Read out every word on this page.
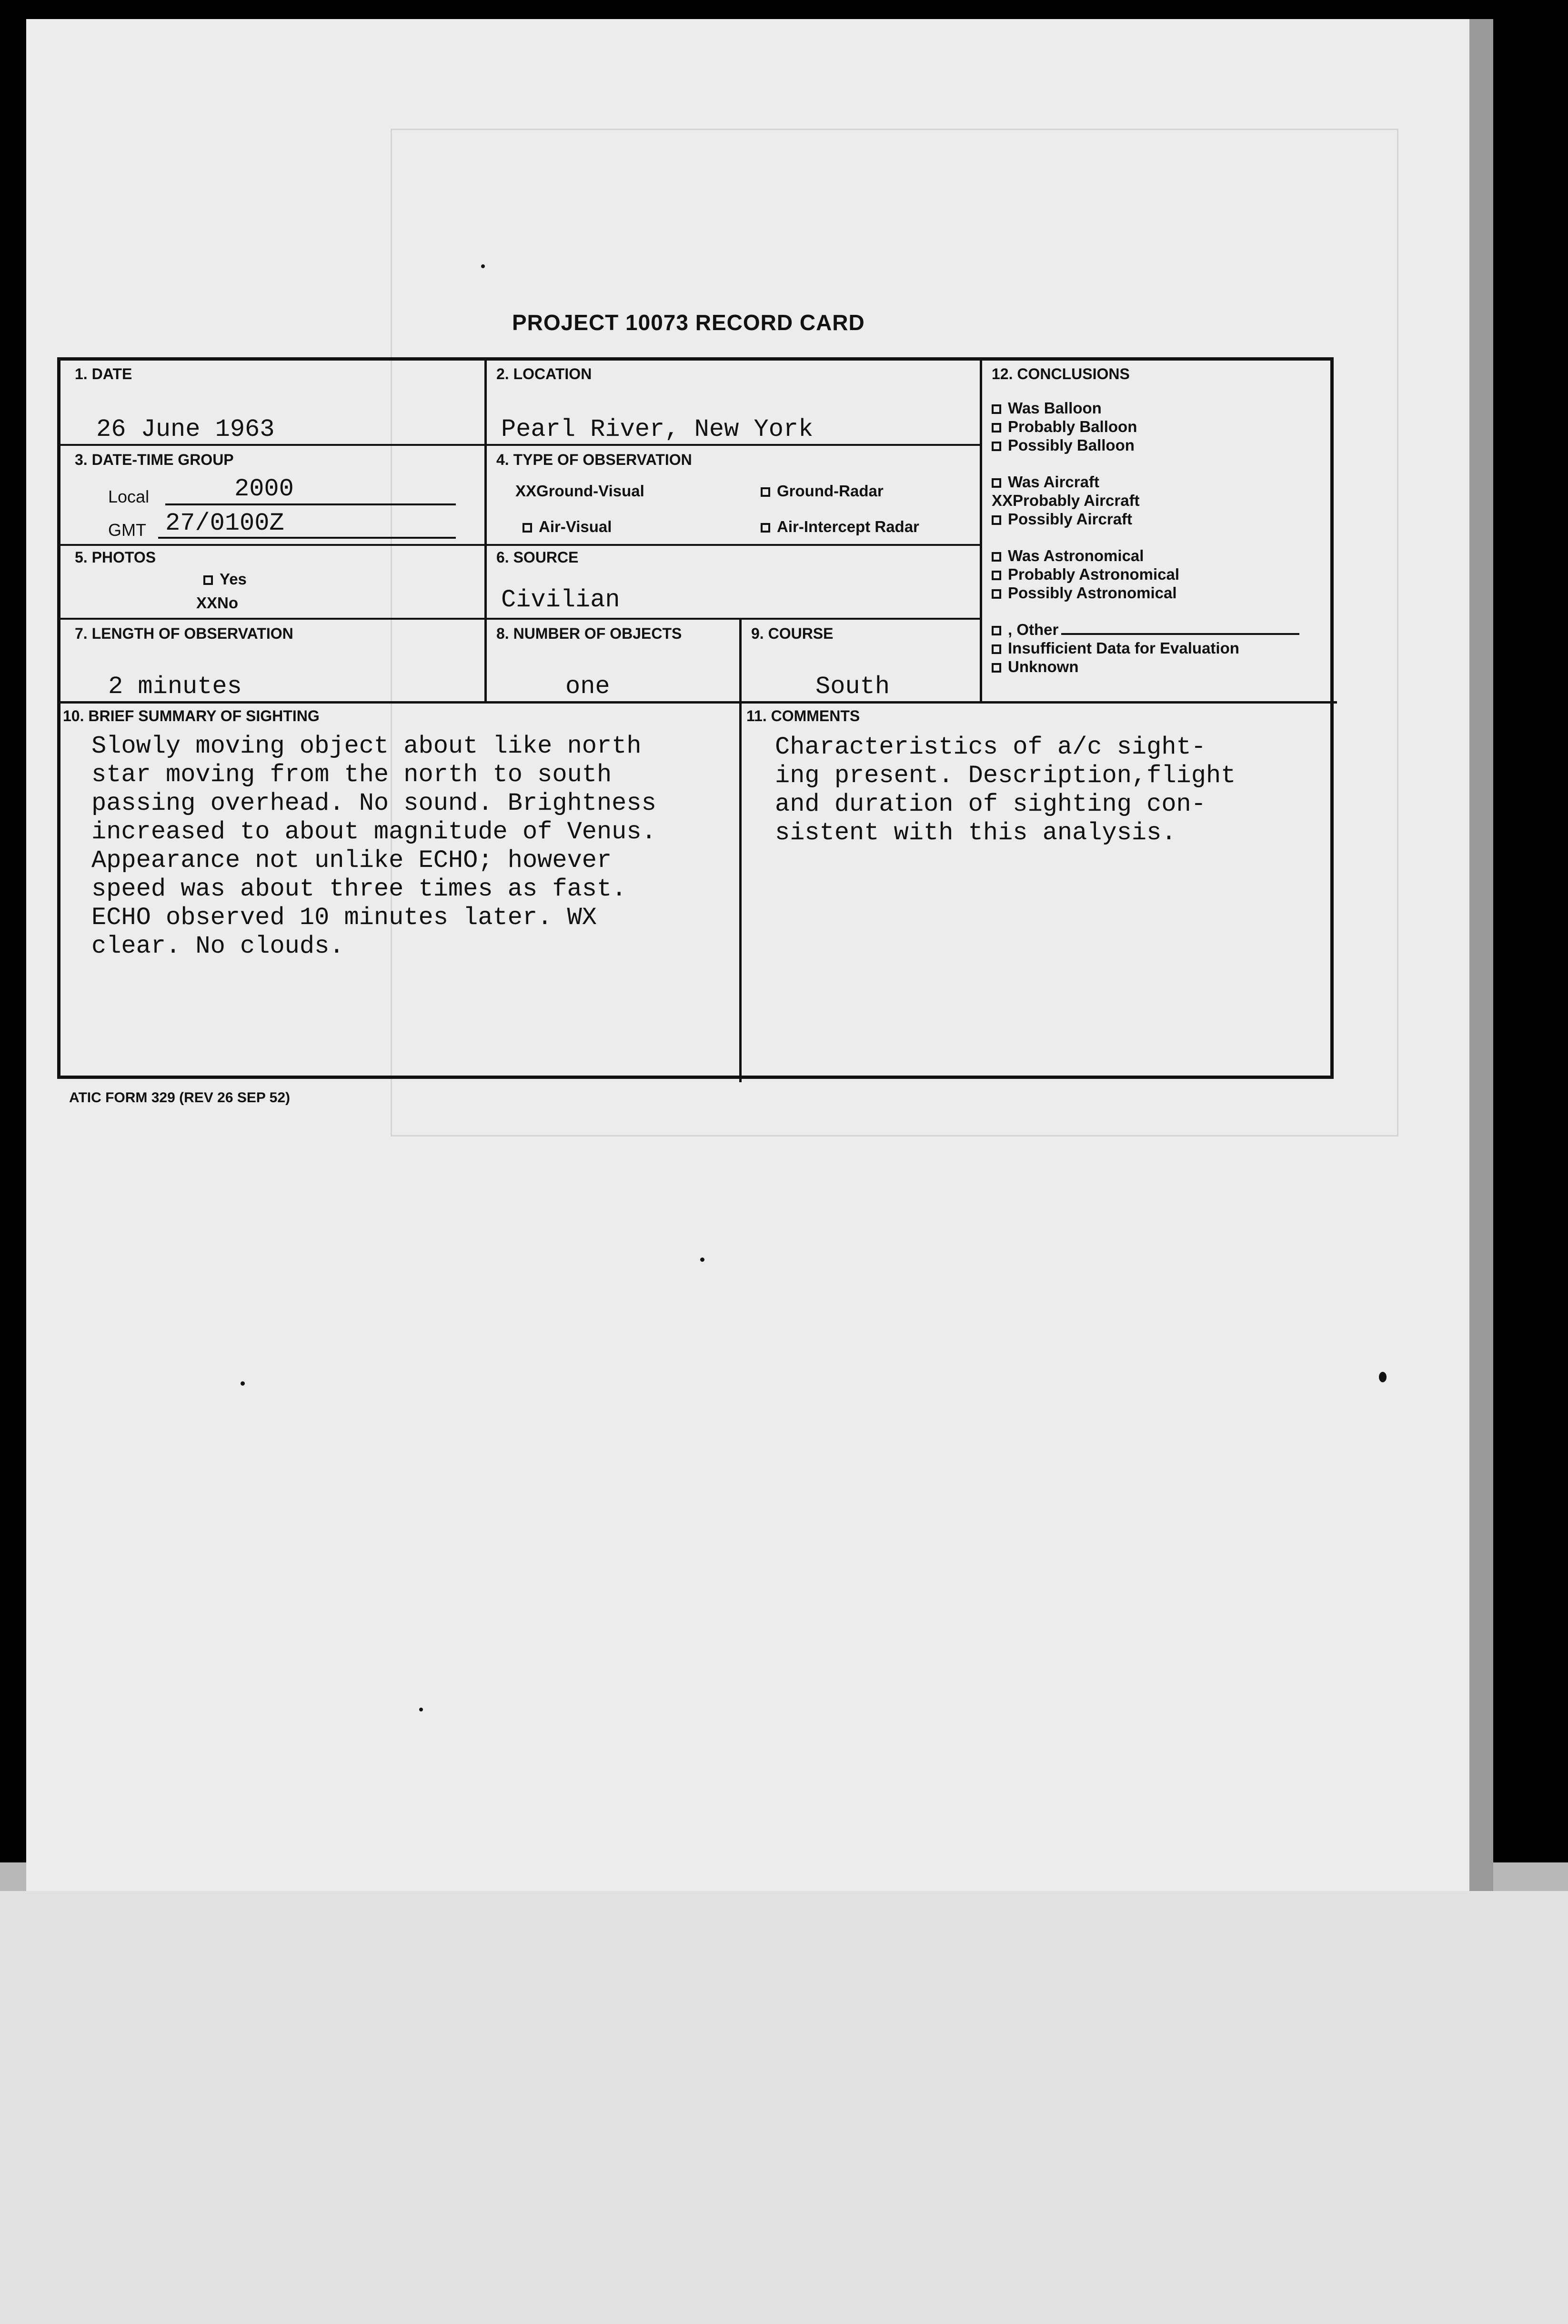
PROJECT 10073 RECORD CARD
1. DATE
26 June 1963
2. LOCATION
Pearl River, New York
3. DATE-TIME GROUP
Local	2000
GMT 27/0100Z
4. TYPE OF OBSERVATION
XXGround-Visual	Ground-Radar
Air-Visual	Air-Intercept Radar
5. PHOTOS
Yes
XXNo
6. SOURCE
Civilian
7. LENGTH OF OBSERVATION
2 minutes
8. NUMBER OF OBJECTS
one
9. COURSE
South
12. CONCLUSIONS
Was Balloon
Probably Balloon
Possibly Balloon
Was Aircraft
XXProbably Aircraft
Possibly Aircraft
Was Astronomical
Probably Astronomical
Possibly Astronomical
, Other
Insufficient Data for Evaluation
Unknown
10. BRIEF SUMMARY OF SIGHTING
Slowly moving object about like north
star moving from the north to south
passing overhead. No sound. Brightness
increased to about magnitude of Venus.
Appearance not unlike ECHO; however
speed was about three times as fast.
ECHO observed 10 minutes later. WX
clear. No clouds.
11. COMMENTS
Characteristics of a/c sight-
ing present. Description,flight
and duration of sighting con-
sistent with this analysis.
ATIC FORM 329 (REV 26 SEP 52)
